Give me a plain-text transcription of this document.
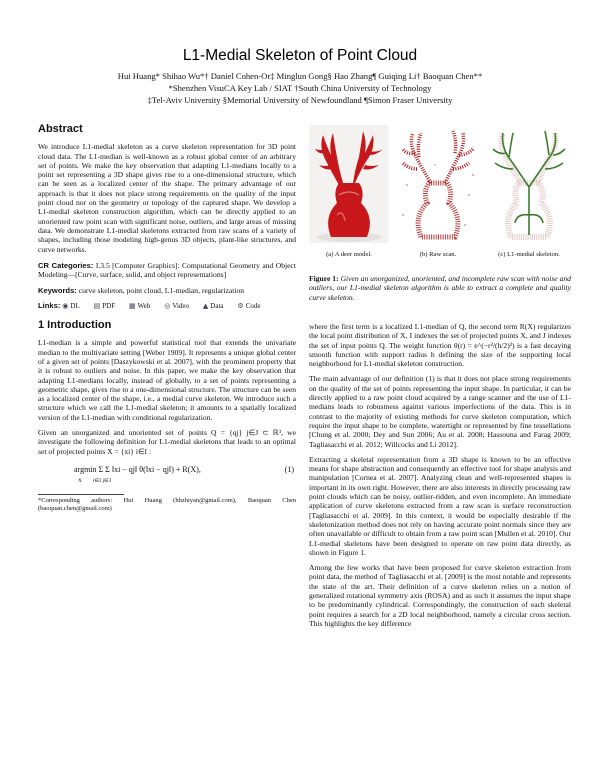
L1-Medial Skeleton of Point Cloud
Hui Huang* Shihao Wu*† Daniel Cohen-Or‡ Minglun Gong§ Hao Zhang¶ Guiqing Li† Baoquan Chen**
*Shenzhen VisuCA Key Lab / SIAT †South China University of Technology
‡Tel-Aviv University §Memorial University of Newfoundland ¶Simon Fraser University
Abstract

We introduce L1-medial skeleton as a curve skeleton representation for 3D point cloud data. The L1-median is well-known as a robust global center of an arbitrary set of points. We make the key observation that adapting L1-medians locally to a point set representing a 3D shape gives rise to a one-dimensional structure, which can be seen as a localized center of the shape. The primary advantage of our approach is that it does not place strong requirements on the quality of the input point cloud nor on the geometry or topology of the captured shape. We develop a L1-medial skeleton construction algorithm, which can be directly applied to an unoriented raw point scan with significant noise, outliers, and large areas of missing data. We demonstrate L1-medial skeletons extracted from raw scans of a variety of shapes, including those modeling high-genus 3D objects, plant-like structures, and curve networks.

CR Categories: I.3.5 [Computer Graphics]: Computational Geometry and Object Modeling—[Curve, surface, solid, and object representations]

Keywords: curve skeleton, point cloud, L1-median, regularization

Links: ◉ DL ▤ PDF ▦ Web ◎ Video ▲ Data ⚙ Code

1 Introduction

L1-median is a simple and powerful statistical tool that extends the univariate median to the multivariate setting [Weber 1909]. It represents a unique global center of a given set of points [Daszykowski et al. 2007], with the prominent property that it is robust to outliers and noise. In this paper, we make the key observation that adapting L1-medians locally, instead of globally, to a set of points representing a geometric shape, gives rise to a one-dimensional structure. The structure can be seen as a localized center of the shape, i.e., a medial curve skeleton. We introduce such a structure which we call the L1-medial skeleton; it amounts to a spatially localized version of the L1-median with conditional regularization.

Given an unorganized and unoriented set of points Q = {qj} j∈J ⊂ ℝ³, we investigate the following definition for L1-medial skeletons that leads to an optimal set of projected points X = {xi} i∈I :

argmin Σ Σ ‖xi − qj‖ θ(‖xi − qj‖) + R(X),
X        i∈I j∈J
(1)

*Corresponding authors: Hui Huang (hhzhiyan@gmail.com), Baoquan Chen (baoquan.chen@gmail.com)

(a) A deer model.	(b) Raw scan.	(c) L1-medial skeleton.

Figure 1: Given an unorganized, unoriented, and incomplete raw scan with noise and outliers, our L1-medial skeleton algorithm is able to extract a complete and quality curve skeleton.

where the first term is a localized L1-median of Q, the second term R(X) regularizes the local point distribution of X, I indexes the set of projected points X, and J indexes the set of input points Q. The weight function θ(r) = e^(−r²/(h/2)²) is a fast decaying smooth function with support radius h defining the size of the supporting local neighborhood for L1-medial skeleton construction.

The main advantage of our definition (1) is that it does not place strong requirements on the quality of the set of points representing the input shape. In particular, it can be directly applied to a raw point cloud acquired by a range scanner and the use of L1-medians leads to robustness against various imperfections of the data. This is in contrast to the majority of existing methods for curve skeleton computation, which require the input shape to be complete, watertight or represented by fine tessellations [Chung et al. 2000; Dey and Sun 2006; Au et al. 2008; Hassouna and Farag 2009; Tagliasacchi et al. 2012; Willcocks and Li 2012].

Extracting a skeletal representation from a 3D shape is known to be an effective means for shape abstraction and consequently an effective tool for shape analysis and manipulation [Cornea et al. 2007]. Analyzing clean and well-represented shapes is important in its own right. However, there are also interests in directly processing raw point clouds which can be noisy, outlier-ridden, and even incomplete. An immediate application of curve skeletons extracted from a raw scan is surface reconstruction [Tagliasacchi et al. 2009]. In this context, it would be especially desirable if the skeletonization method does not rely on having accurate point normals since they are often unavailable or difficult to obtain from a raw point scan [Mullen et al. 2010]. Our L1-medial skeletons have been designed to operate on raw point data directly, as shown in Figure 1.

Among the few works that have been proposed for curve skeleton extraction from point data, the method of Tagliasacchi et al. [2009] is the most notable and represents the state of the art. Their definition of a curve skeleton relies on a notion of generalized rotational symmetry axis (ROSA) and as such it assumes the input shape to be predominantly cylindrical. Correspondingly, the construction of each skeletal point requires a search for a 2D local neighborhood, namely a circular cross section. This highlights the key difference
